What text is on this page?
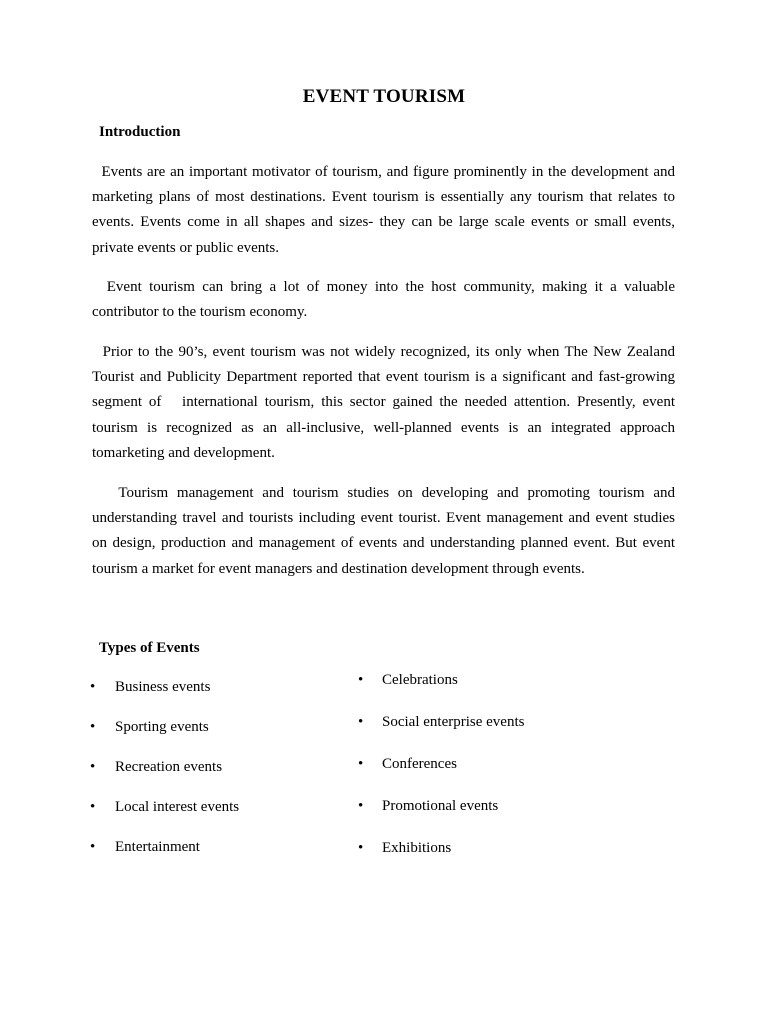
EVENT TOURISM
Introduction

Events are an important motivator of tourism, and figure prominently in the development and marketing plans of most destinations. Event tourism is essentially any tourism that relates to events. Events come in all shapes and sizes- they can be large scale events or small events, private events or public events.

Event tourism can bring a lot of money into the host community, making it a valuable contributor to the tourism economy.

Prior to the 90’s, event tourism was not widely recognized, its only when The New Zealand Tourist and Publicity Department reported that event tourism is a significant and fast-growing segment of   international tourism, this sector gained the needed attention. Presently, event tourism is recognized as an all-inclusive, well-planned events is an integrated approach tomarketing and development.

Tourism management and tourism studies on developing and promoting tourism and understanding travel and tourists including event tourist. Event management and event studies on design, production and management of events and understanding planned event. But event tourism a market for event managers and destination development through events.

Types of Events
• Business events
• Sporting events
• Recreation events
• Local interest events
• Entertainment
• Celebrations
• Social enterprise events
• Conferences
• Promotional events
• Exhibitions
